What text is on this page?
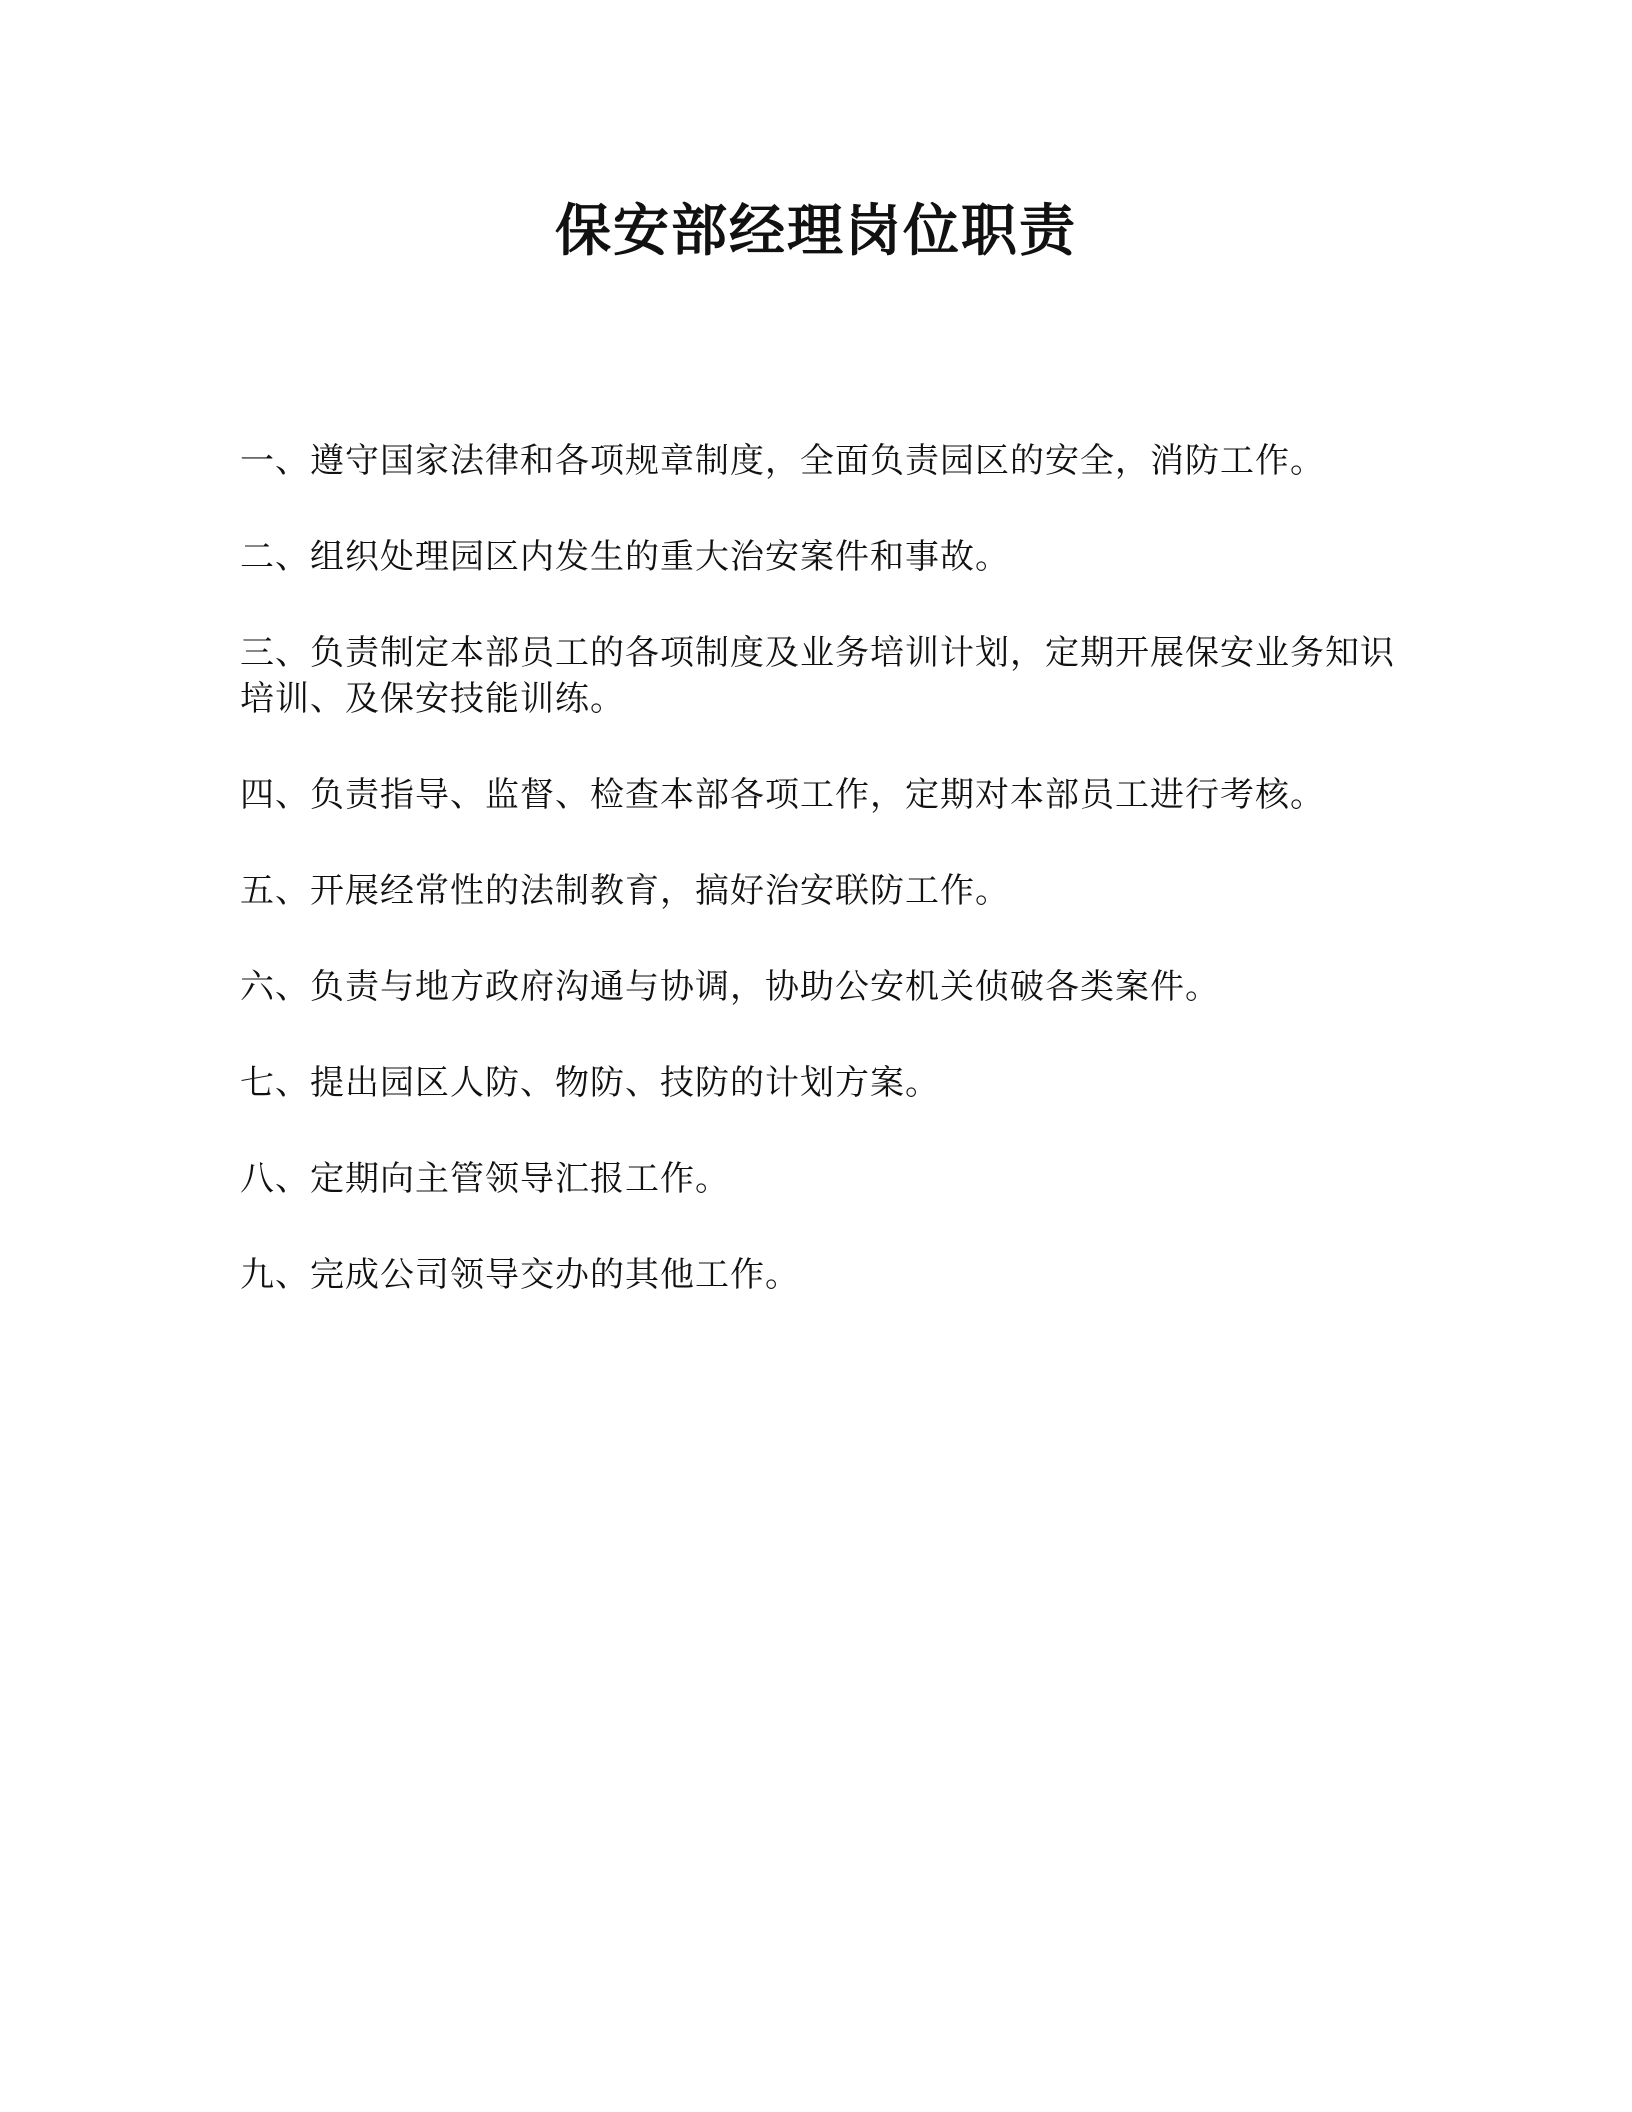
保安部经理岗位职责
一、遵守国家法律和各项规章制度，全面负责园区的安全，消防工作。
二、组织处理园区内发生的重大治安案件和事故。
三、负责制定本部员工的各项制度及业务培训计划，定期开展保安业务知识培训、及保安技能训练。
四、负责指导、监督、检查本部各项工作，定期对本部员工进行考核。
五、开展经常性的法制教育，搞好治安联防工作。
六、负责与地方政府沟通与协调，协助公安机关侦破各类案件。
七、提出园区人防、物防、技防的计划方案。
八、定期向主管领导汇报工作。
九、完成公司领导交办的其他工作。
